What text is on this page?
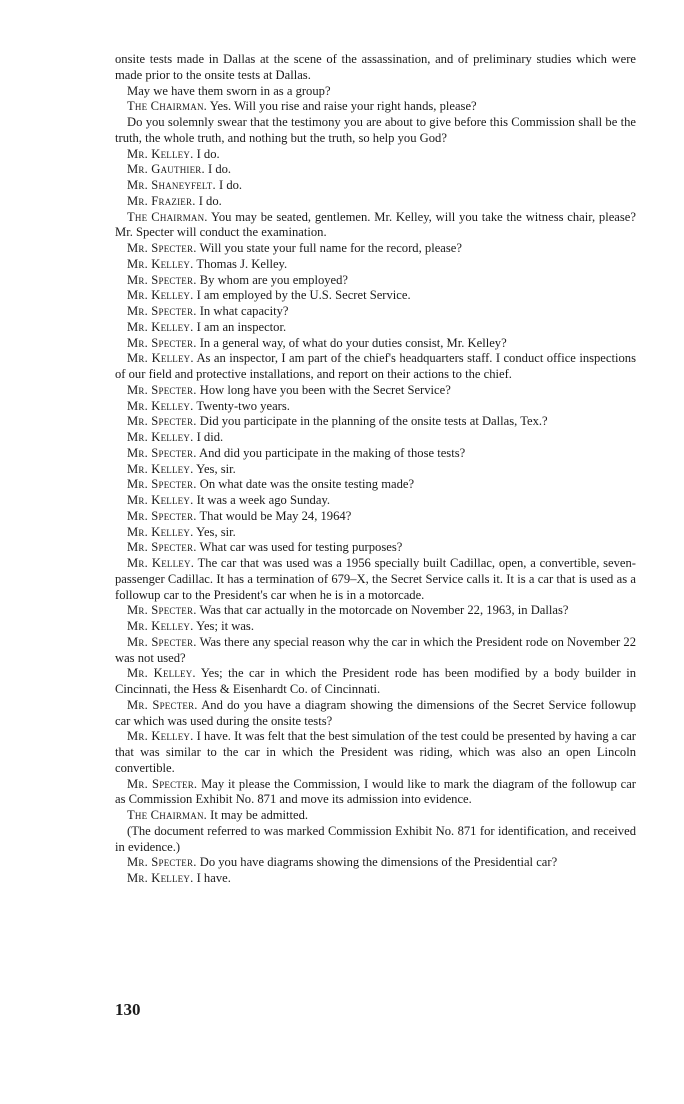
onsite tests made in Dallas at the scene of the assassination, and of preliminary studies which were made prior to the onsite tests at Dallas.

May we have them sworn in as a group?

The Chairman. Yes. Will you rise and raise your right hands, please?

Do you solemnly swear that the testimony you are about to give before this Commission shall be the truth, the whole truth, and nothing but the truth, so help you God?

Mr. Kelley. I do.

Mr. Gauthier. I do.

Mr. Shaneyfelt. I do.

Mr. Frazier. I do.

The Chairman. You may be seated, gentlemen. Mr. Kelley, will you take the witness chair, please? Mr. Specter will conduct the examination.

Mr. Specter. Will you state your full name for the record, please?

Mr. Kelley. Thomas J. Kelley.

Mr. Specter. By whom are you employed?

Mr. Kelley. I am employed by the U.S. Secret Service.

Mr. Specter. In what capacity?

Mr. Kelley. I am an inspector.

Mr. Specter. In a general way, of what do your duties consist, Mr. Kelley?

Mr. Kelley. As an inspector, I am part of the chief's headquarters staff. I conduct office inspections of our field and protective installations, and report on their actions to the chief.

Mr. Specter. How long have you been with the Secret Service?

Mr. Kelley. Twenty-two years.

Mr. Specter. Did you participate in the planning of the onsite tests at Dallas, Tex.?

Mr. Kelley. I did.

Mr. Specter. And did you participate in the making of those tests?

Mr. Kelley. Yes, sir.

Mr. Specter. On what date was the onsite testing made?

Mr. Kelley. It was a week ago Sunday.

Mr. Specter. That would be May 24, 1964?

Mr. Kelley. Yes, sir.

Mr. Specter. What car was used for testing purposes?

Mr. Kelley. The car that was used was a 1956 specially built Cadillac, open, a convertible, seven-passenger Cadillac. It has a termination of 679–X, the Secret Service calls it. It is a car that is used as a followup car to the President's car when he is in a motorcade.

Mr. Specter. Was that car actually in the motorcade on November 22, 1963, in Dallas?

Mr. Kelley. Yes; it was.

Mr. Specter. Was there any special reason why the car in which the President rode on November 22 was not used?

Mr. Kelley. Yes; the car in which the President rode has been modified by a body builder in Cincinnati, the Hess & Eisenhardt Co. of Cincinnati.

Mr. Specter. And do you have a diagram showing the dimensions of the Secret Service followup car which was used during the onsite tests?

Mr. Kelley. I have. It was felt that the best simulation of the test could be presented by having a car that was similar to the car in which the President was riding, which was also an open Lincoln convertible.

Mr. Specter. May it please the Commission, I would like to mark the diagram of the followup car as Commission Exhibit No. 871 and move its admission into evidence.

The Chairman. It may be admitted.

(The document referred to was marked Commission Exhibit No. 871 for identification, and received in evidence.)

Mr. Specter. Do you have diagrams showing the dimensions of the Presidential car?

Mr. Kelley. I have.

130
